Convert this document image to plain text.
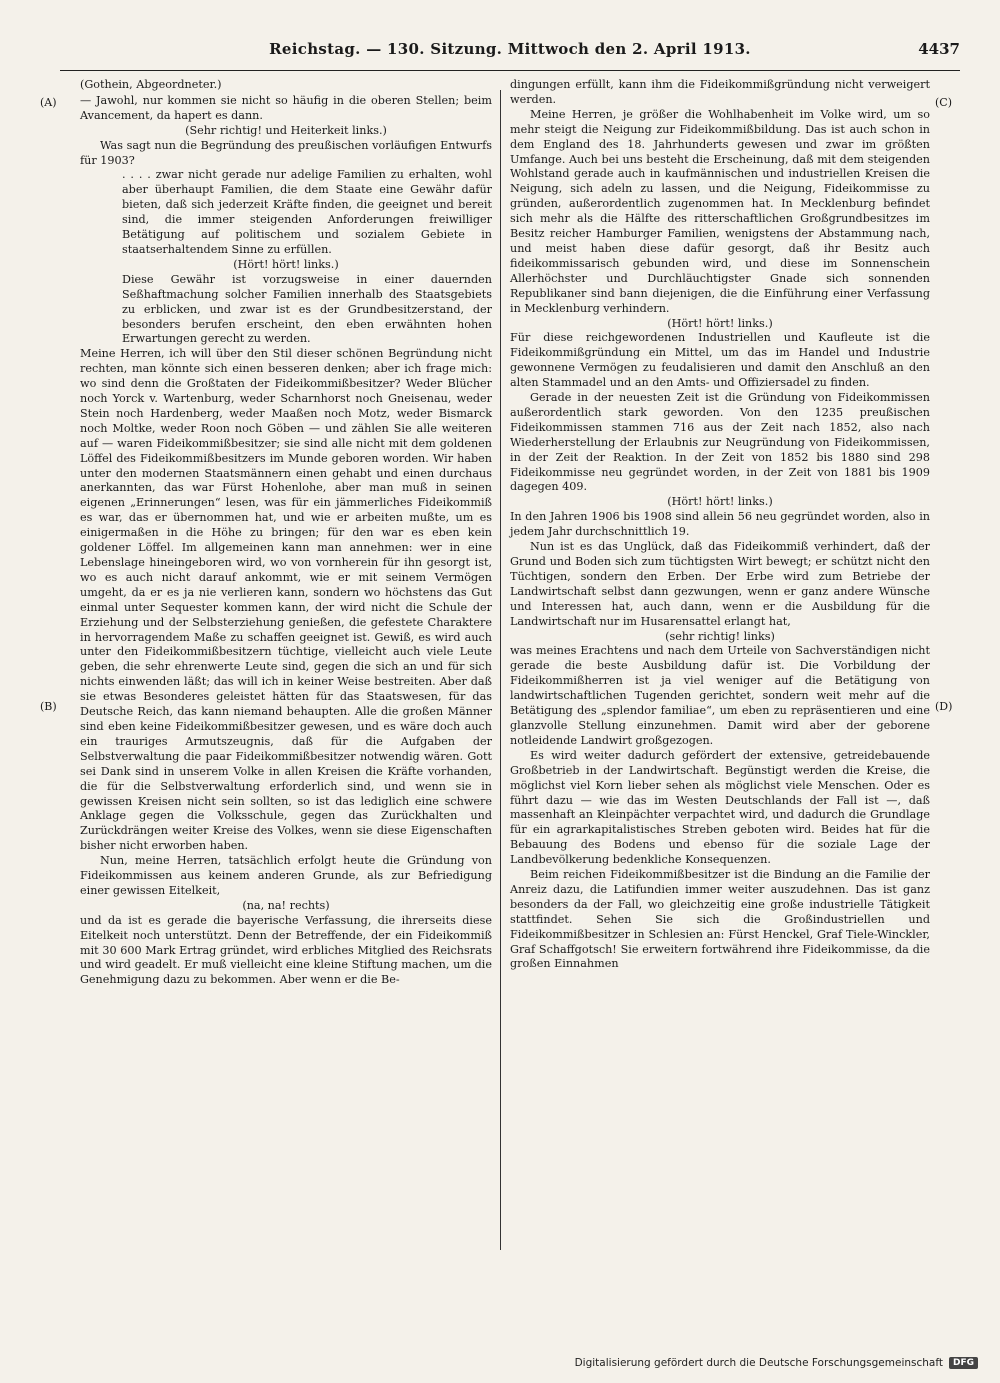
Reichstag. — 130. Sitzung. Mittwoch den 2. April 1913.	4437
(A)
(B)
(C)
(D)

(Gothein, Abgeordneter.)

— Jawohl, nur kommen sie nicht so häufig in die oberen Stellen; beim Avancement, da hapert es dann.

(Sehr richtig! und Heiterkeit links.)

Was sagt nun die Begründung des preußischen vorläufigen Entwurfs für 1903?

. . . . zwar nicht gerade nur adelige Familien zu erhalten, wohl aber überhaupt Familien, die dem Staate eine Gewähr dafür bieten, daß sich jederzeit Kräfte finden, die geeignet und bereit sind, die immer steigenden Anforderungen freiwilliger Betätigung auf politischem und sozialem Gebiete in staatserhaltendem Sinne zu erfüllen.

(Hört! hört! links.)

Diese Gewähr ist vorzugsweise in einer dauernden Seßhaftmachung solcher Familien innerhalb des Staatsgebiets zu erblicken, und zwar ist es der Grundbesitzerstand, der besonders berufen erscheint, den eben erwähnten hohen Erwartungen gerecht zu werden.

Meine Herren, ich will über den Stil dieser schönen Begründung nicht rechten, man könnte sich einen besseren denken; aber ich frage mich: wo sind denn die Großtaten der Fideikommißbesitzer? Weder Blücher noch Yorck v. Wartenburg, weder Scharnhorst noch Gneisenau, weder Stein noch Hardenberg, weder Maaßen noch Motz, weder Bismarck noch Moltke, weder Roon noch Göben — und zählen Sie alle weiteren auf — waren Fideikommißbesitzer; sie sind alle nicht mit dem goldenen Löffel des Fideikommißbesitzers im Munde geboren worden. Wir haben unter den modernen Staatsmännern einen gehabt und einen durchaus anerkannten, das war Fürst Hohenlohe, aber man muß in seinen eigenen „Erinnerungen“ lesen, was für ein jämmerliches Fideikommiß es war, das er übernommen hat, und wie er arbeiten mußte, um es einigermaßen in die Höhe zu bringen; für den war es eben kein goldener Löffel. Im allgemeinen kann man annehmen: wer in eine Lebenslage hineingeboren wird, wo von vornherein für ihn gesorgt ist, wo es auch nicht darauf ankommt, wie er mit seinem Vermögen umgeht, da er es ja nie verlieren kann, sondern wo höchstens das Gut einmal unter Sequester kommen kann, der wird nicht die Schule der Erziehung und der Selbsterziehung genießen, die gefestete Charaktere in hervorragendem Maße zu schaffen geeignet ist. Gewiß, es wird auch unter den Fideikommißbesitzern tüchtige, vielleicht auch viele Leute geben, die sehr ehrenwerte Leute sind, gegen die sich an und für sich nichts einwenden läßt; das will ich in keiner Weise bestreiten. Aber daß sie etwas Besonderes geleistet hätten für das Staatswesen, für das Deutsche Reich, das kann niemand behaupten. Alle die großen Männer sind eben keine Fideikommißbesitzer gewesen, und es wäre doch auch ein trauriges Armutszeugnis, daß für die Aufgaben der Selbstverwaltung die paar Fideikommißbesitzer notwendig wären. Gott sei Dank sind in unserem Volke in allen Kreisen die Kräfte vorhanden, die für die Selbstverwaltung erforderlich sind, und wenn sie in gewissen Kreisen nicht sein sollten, so ist das lediglich eine schwere Anklage gegen die Volksschule, gegen das Zurückhalten und Zurückdrängen weiter Kreise des Volkes, wenn sie diese Eigenschaften bisher nicht erworben haben.

Nun, meine Herren, tatsächlich erfolgt heute die Gründung von Fideikommissen aus keinem anderen Grunde, als zur Befriedigung einer gewissen Eitelkeit,

(na, na! rechts)

und da ist es gerade die bayerische Verfassung, die ihrerseits diese Eitelkeit noch unterstützt. Denn der Betreffende, der ein Fideikommiß mit 30 600 Mark Ertrag gründet, wird erbliches Mitglied des Reichsrats und wird geadelt. Er muß vielleicht eine kleine Stiftung machen, um die Genehmigung dazu zu bekommen. Aber wenn er die Be-

dingungen erfüllt, kann ihm die Fideikommißgründung nicht verweigert werden.

Meine Herren, je größer die Wohlhabenheit im Volke wird, um so mehr steigt die Neigung zur Fideikommißbildung. Das ist auch schon in dem England des 18. Jahrhunderts gewesen und zwar im größten Umfange. Auch bei uns besteht die Erscheinung, daß mit dem steigenden Wohlstand gerade auch in kaufmännischen und industriellen Kreisen die Neigung, sich adeln zu lassen, und die Neigung, Fideikommisse zu gründen, außerordentlich zugenommen hat. In Mecklenburg befindet sich mehr als die Hälfte des ritterschaftlichen Großgrundbesitzes im Besitz reicher Hamburger Familien, wenigstens der Abstammung nach, und meist haben diese dafür gesorgt, daß ihr Besitz auch fideikommissarisch gebunden wird, und diese im Sonnenschein Allerhöchster und Durchläuchtigster Gnade sich sonnenden Republikaner sind bann diejenigen, die die Einführung einer Verfassung in Mecklenburg verhindern.

(Hört! hört! links.)

Für diese reichgewordenen Industriellen und Kaufleute ist die Fideikommißgründung ein Mittel, um das im Handel und Industrie gewonnene Vermögen zu feudalisieren und damit den Anschluß an den alten Stammadel und an den Amts- und Offiziersadel zu finden.

Gerade in der neuesten Zeit ist die Gründung von Fideikommissen außerordentlich stark geworden. Von den 1235 preußischen Fideikommissen stammen 716 aus der Zeit nach 1852, also nach Wiederherstellung der Erlaubnis zur Neugründung von Fideikommissen, in der Zeit der Reaktion. In der Zeit von 1852 bis 1880 sind 298 Fideikommisse neu gegründet worden, in der Zeit von 1881 bis 1909 dagegen 409.

(Hört! hört! links.)

In den Jahren 1906 bis 1908 sind allein 56 neu gegründet worden, also in jedem Jahr durchschnittlich 19.

Nun ist es das Unglück, daß das Fideikommiß verhindert, daß der Grund und Boden sich zum tüchtigsten Wirt bewegt; er schützt nicht den Tüchtigen, sondern den Erben. Der Erbe wird zum Betriebe der Landwirtschaft selbst dann gezwungen, wenn er ganz andere Wünsche und Interessen hat, auch dann, wenn er die Ausbildung für die Landwirtschaft nur im Husarensattel erlangt hat,

(sehr richtig! links)

was meines Erachtens und nach dem Urteile von Sachverständigen nicht gerade die beste Ausbildung dafür ist. Die Vorbildung der Fideikommißherren ist ja viel weniger auf die Betätigung von landwirtschaftlichen Tugenden gerichtet, sondern weit mehr auf die Betätigung des „splendor familiae“, um eben zu repräsentieren und eine glanzvolle Stellung einzunehmen. Damit wird aber der geborene notleidende Landwirt großgezogen.

Es wird weiter dadurch gefördert der extensive, getreidebauende Großbetrieb in der Landwirtschaft. Begünstigt werden die Kreise, die möglichst viel Korn lieber sehen als möglichst viele Menschen. Oder es führt dazu — wie das im Westen Deutschlands der Fall ist —, daß massenhaft an Kleinpächter verpachtet wird, und dadurch die Grundlage für ein agrarkapitalistisches Streben geboten wird. Beides hat für die Bebauung des Bodens und ebenso für die soziale Lage der Landbevölkerung bedenkliche Konsequenzen.

Beim reichen Fideikommißbesitzer ist die Bindung an die Familie der Anreiz dazu, die Latifundien immer weiter auszudehnen. Das ist ganz besonders da der Fall, wo gleichzeitig eine große industrielle Tätigkeit stattfindet. Sehen Sie sich die Großindustriellen und Fideikommißbesitzer in Schlesien an: Fürst Henckel, Graf Tiele-Winckler, Graf Schaffgotsch! Sie erweitern fortwährend ihre Fideikommisse, da die großen Einnahmen

Digitalisierung gefördert durch die Deutsche Forschungsgemeinschaft	DFG
